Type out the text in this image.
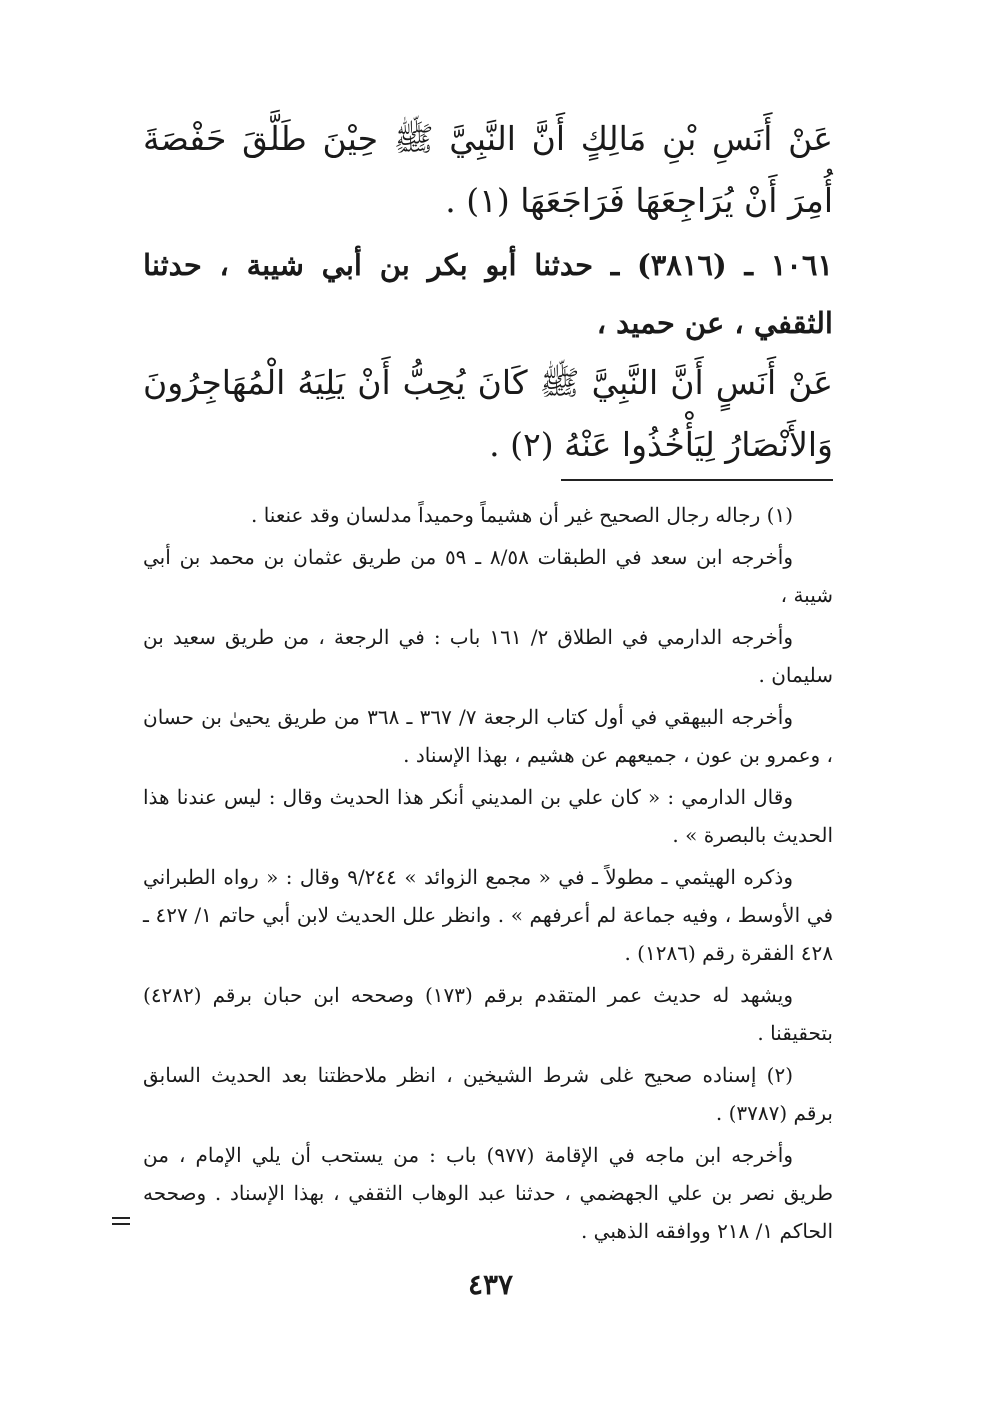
عَنْ أَنَسِ بْنِ مَالِكٍ أَنَّ النَّبِيَّ ﷺ حِيْنَ طَلَّقَ حَفْصَةَ أُمِرَ أَنْ يُرَاجِعَهَا فَرَاجَعَهَا (١) .
١٠٦١ ـ (٣٨١٦) ـ حدثنا أبو بكر بن أبي شيبة ، حدثنا الثقفي ، عن حميد ،
عَنْ أَنَسٍ أَنَّ النَّبِيَّ ﷺ كَانَ يُحِبُّ أَنْ يَلِيَهُ الْمُهَاجِرُونَ وَالأَنْصَارُ لِيَأْخُذُوا عَنْهُ (٢) .

(١) رجاله رجال الصحيح غير أن هشيماً وحميداً مدلسان وقد عنعنا .

وأخرجه ابن سعد في الطبقات ٨/٥٨ ـ ٥٩ من طريق عثمان بن محمد بن أبي شيبة ،

وأخرجه الدارمي في الطلاق ٢/ ١٦١ باب : في الرجعة ، من طريق سعيد بن سليمان .

وأخرجه البيهقي في أول كتاب الرجعة ٧/ ٣٦٧ ـ ٣٦٨ من طريق يحيىٰ بن حسان ، وعمرو بن عون ، جميعهم عن هشيم ، بهذا الإسناد .

وقال الدارمي : « كان علي بن المديني أنكر هذا الحديث وقال : ليس عندنا هذا الحديث بالبصرة » .

وذكره الهيثمي ـ مطولاً ـ في « مجمع الزوائد » ٩/٢٤٤ وقال : « رواه الطبراني في الأوسط ، وفيه جماعة لم أعرفهم » . وانظر علل الحديث لابن أبي حاتم ١/ ٤٢٧ ـ ٤٢٨ الفقرة رقم (١٢٨٦) .

ويشهد له حديث عمر المتقدم برقم (١٧٣) وصححه ابن حبان برقم (٤٢٨٢) بتحقيقنا .

(٢) إسناده صحيح غلى شرط الشيخين ، انظر ملاحظتنا بعد الحديث السابق برقم (٣٧٨٧) .

وأخرجه ابن ماجه في الإقامة (٩٧٧) باب : من يستحب أن يلي الإمام ، من طريق نصر بن علي الجهضمي ، حدثنا عبد الوهاب الثقفي ، بهذا الإسناد . وصححه الحاكم ١/ ٢١٨ ووافقه الذهبي .

٤٣٧
